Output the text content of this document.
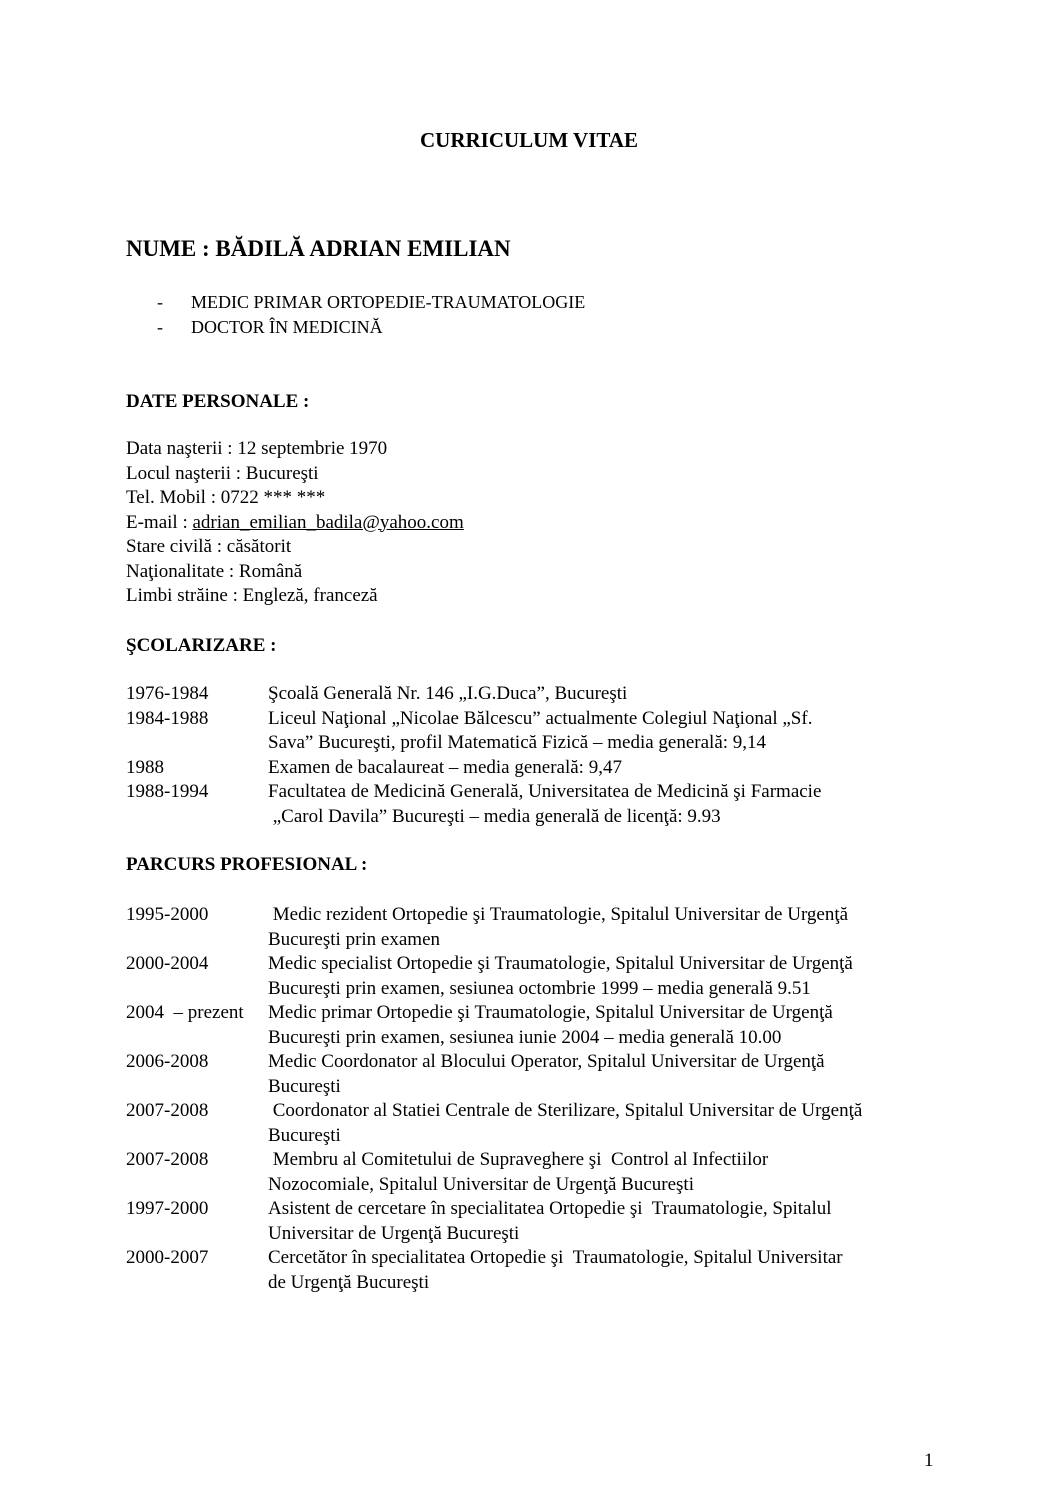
CURRICULUM VITAE
NUME : BĂDILĂ ADRIAN EMILIAN
- MEDIC PRIMAR ORTOPEDIE-TRAUMATOLOGIE
- DOCTOR ÎN MEDICINĂ
DATE PERSONALE :
Data naşterii : 12 septembrie 1970
Locul naşterii : Bucureşti
Tel. Mobil : 0722 *** ***
E-mail : adrian_emilian_badila@yahoo.com
Stare civilă : căsătorit
Naţionalitate : Română
Limbi străine : Engleză, franceză
ŞCOLARIZARE :
1976-1984	Şcoală Generală Nr. 146 „I.G.Duca”, Bucureşti
1984-1988	Liceul Naţional „Nicolae Bălcescu” actualmente Colegiul Naţional „Sf.
Sava” Bucureşti, profil Matematică Fizică – media generală: 9,14
1988	Examen de bacalaureat – media generală: 9,47
1988-1994	Facultatea de Medicină Generală, Universitatea de Medicină şi Farmacie
„Carol Davila” Bucureşti – media generală de licenţă: 9.93
PARCURS PROFESIONAL :
1995-2000	Medic rezident Ortopedie şi Traumatologie, Spitalul Universitar de Urgenţă
Bucureşti prin examen
2000-2004	Medic specialist Ortopedie şi Traumatologie, Spitalul Universitar de Urgenţă
Bucureşti prin examen, sesiunea octombrie 1999 – media generală 9.51
2004  – prezent	Medic primar Ortopedie şi Traumatologie, Spitalul Universitar de Urgenţă
Bucureşti prin examen, sesiunea iunie 2004 – media generală 10.00
2006-2008	Medic Coordonator al Blocului Operator, Spitalul Universitar de Urgenţă
Bucureşti
2007-2008	Coordonator al Statiei Centrale de Sterilizare, Spitalul Universitar de Urgenţă
Bucureşti
2007-2008	Membru al Comitetului de Supraveghere şi  Control al Infectiilor
Nozocomiale, Spitalul Universitar de Urgenţă Bucureşti
1997-2000	Asistent de cercetare în specialitatea Ortopedie şi  Traumatologie, Spitalul
Universitar de Urgenţă Bucureşti
2000-2007	Cercetător în specialitatea Ortopedie şi  Traumatologie, Spitalul Universitar
de Urgenţă Bucureşti
1
